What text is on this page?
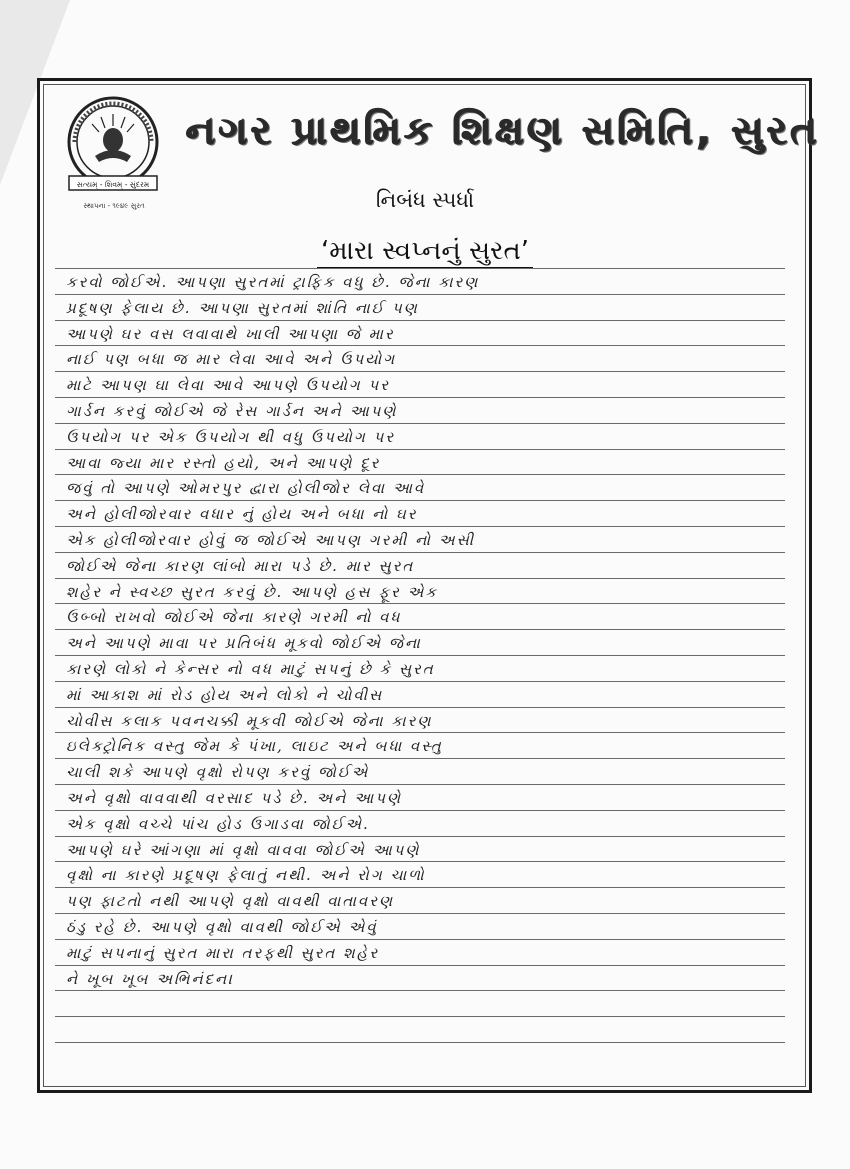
સત્યમ્ - શિવમ્ - સુંદરમ
સ્થાપના - ૧૯૪૯ સુરત
નગર પ્રાથમિક શિક્ષણ સમિતિ, સુરત
નિબંધ સ્પર્ધા
‘મારા સ્વપ્નનું સુરત’
કરવો જોઈએ. આપણા સુરતમાં ટ્રાફિક વધુ છે. જેના કારણ
પ્રદૂષણ ફેલાય છે. આપણા સુરતમાં શાંતિ નાઈ પણ
આપણે ઘર વસ લવાવાથે ખાલી આપણા જે માર
નાઈ પણ બધા જ માર લેવા આવે અને ઉપયોગ
માટે આપણ ઘા લેવા આવે આપણે ઉપયોગ પર
ગાર્ડન કરવું જોઈએ જે રેસ ગાર્ડન અને આપણે
ઉપયોગ પર એક ઉપયોગ થી વધુ ઉપયોગ પર
આવા જ્યા માર રસ્તો હયો, અને આપણે દૂર
જવું તો આપણે ઓમરપુર દ્વારા હોલીજોર લેવા આવે
અને હોલીજોરવાર વધાર નું હોય અને બધા નો ઘર
એક હોલીજોરવાર હોવું જ જોઈએ આપણ ગરમી નો અસી
જોઈએ જેના કારણ લાંબો મારા પડે છે. માર સુરત
શહેર ને સ્વચ્છ સુરત કરવું છે. આપણે હસ ફૂર એક
ઉબ્બો રાખવો જોઈએ જેના કારણે ગરમી નો વધ
અને આપણે માવા પર પ્રતિબંધ મૂકવો જોઈએ જેના
કારણે લોકો ને કેન્સર નો વધ માટું સપનું છે કે સુરત
માં આકાશ માં રોડ હોય અને લોકો ને ચોવીસ
ચોવીસ કલાક પવનચક્કી મૂકવી જોઈએ જેના કારણ
ઇલેક્ટ્રોનિક વસ્તુ જેમ કે પંખા, લાઇટ અને બધા વસ્તુ
ચાલી શકે આપણે વૃક્ષો રોપણ કરવું જોઈએ
અને વૃક્ષો વાવવાથી વરસાદ પડે છે. અને આપણે
એક વૃક્ષો વચ્ચે પાંચ હોડ ઉગાડવા જોઈએ.
આપણે ઘરે આંગણા માં વૃક્ષો વાવવા જોઈએ આપણે
વૃક્ષો ના કારણે પ્રદૂષણ ફેલાતું નથી. અને રોગ ચાળો
પણ ફાટતો નથી આપણે વૃક્ષો વાવથી વાતાવરણ
ઠંડુ રહે છે. આપણે વૃક્ષો વાવથી જોઈએ એવું
માટું સપનાનું સુરત મારા તરફથી સુરત શહેર
ને ખૂબ ખૂબ અભિનંદન।
